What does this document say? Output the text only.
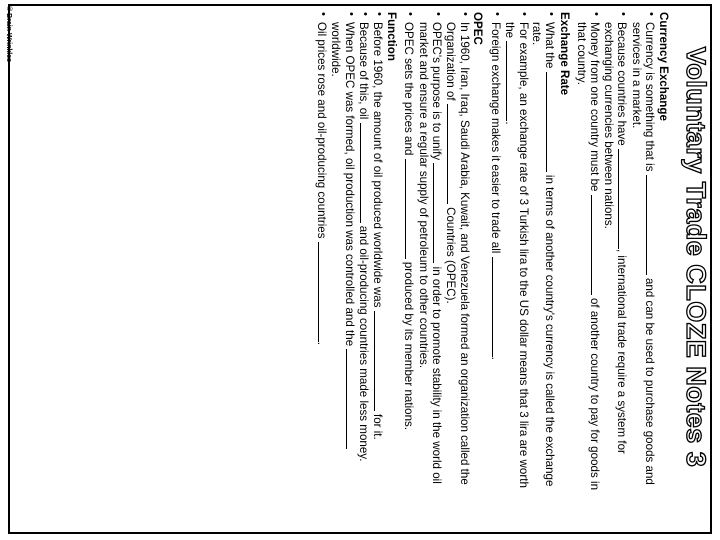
© Brain Wrinkles
Voluntary Trade CLOZE Notes 3
Currency Exchange
• Currency is something that is  and can be used to purchase goods and services in a market.
• Because countries have , international trade require a system for exchanging currencies between nations.
• Money from one country must be  of another country to pay for goods in that country.
Exchange Rate
• What the  in terms of another country's currency is called the exchange rate.
• For example, an exchange rate of 3 Turkish lira to the US dollar means that 3 lira are worth the .
• Foreign exchange makes it easier to trade all .
OPEC
• In 1960, Iran, Iraq, Saudi Arabia, Kuwait, and Venezuela formed an organization called the Organization of  Countries (OPEC).
• OPEC's purpose is to unify  in order to promote stability in the world oil market and ensure a regular supply of petroleum to other countries.
• OPEC sets the prices and  produced by its member nations.
Function
• Before 1960, the amount of oil produced worldwide was  for it.
• Because of this, oil  and oil-producing countries made less money.
• When OPEC was formed, oil production was controlled and the  worldwide.
• Oil prices rose and oil-producing countries .
